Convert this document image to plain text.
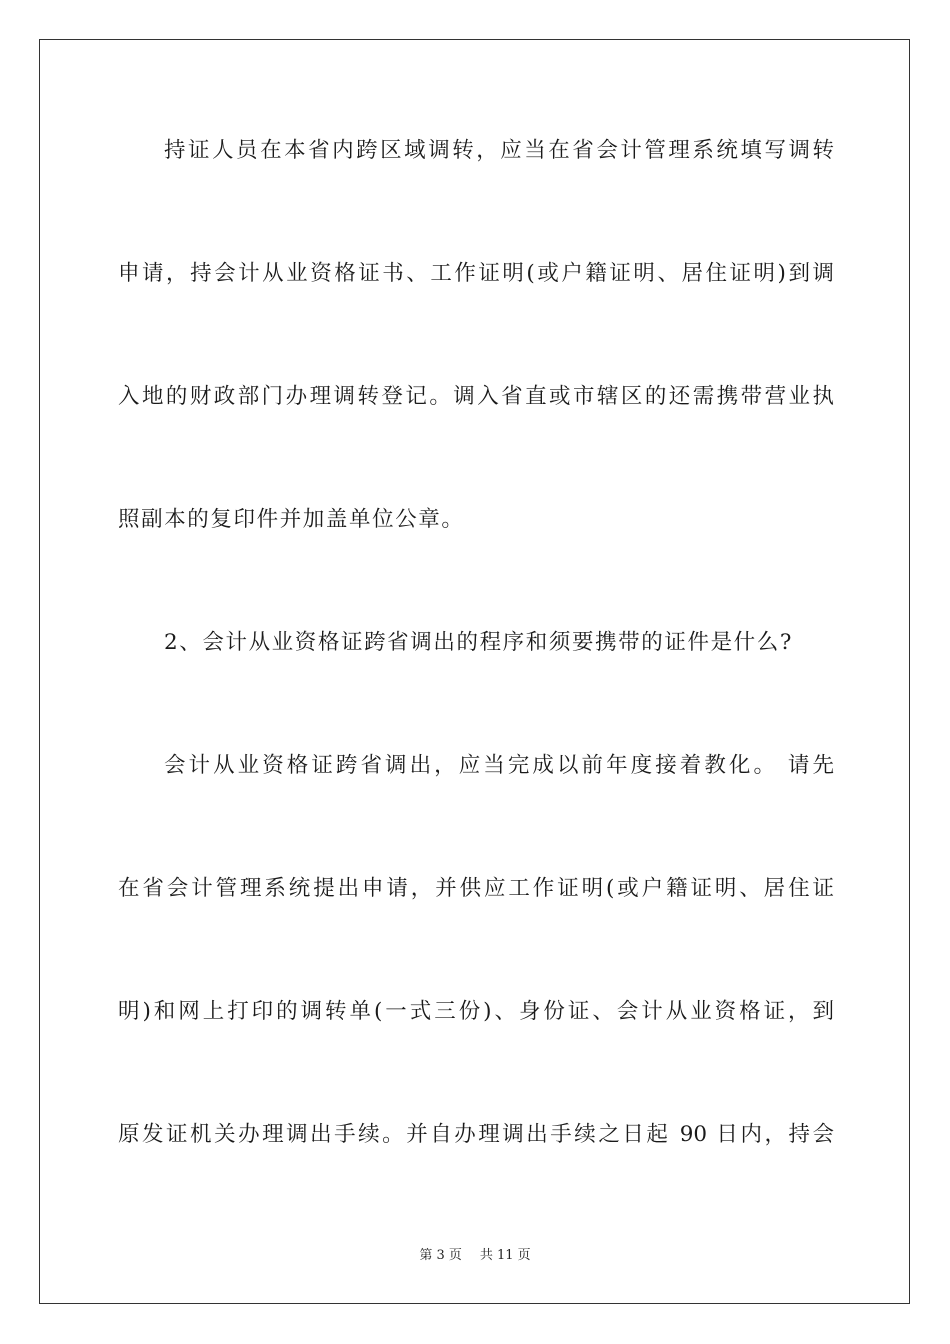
持证人员在本省内跨区域调转，应当在省会计管理系统填写调转
申请，持会计从业资格证书、工作证明(或户籍证明、居住证明)到调
入地的财政部门办理调转登记。调入省直或市辖区的还需携带营业执
照副本的复印件并加盖单位公章。
2、会计从业资格证跨省调出的程序和须要携带的证件是什么?
会计从业资格证跨省调出，应当完成以前年度接着教化。 请先
在省会计管理系统提出申请，并供应工作证明(或户籍证明、居住证
明)和网上打印的调转单(一式三份)、身份证、会计从业资格证，到
原发证机关办理调出手续。并自办理调出手续之日起 90 日内，持会
第 3 页 共 11 页
